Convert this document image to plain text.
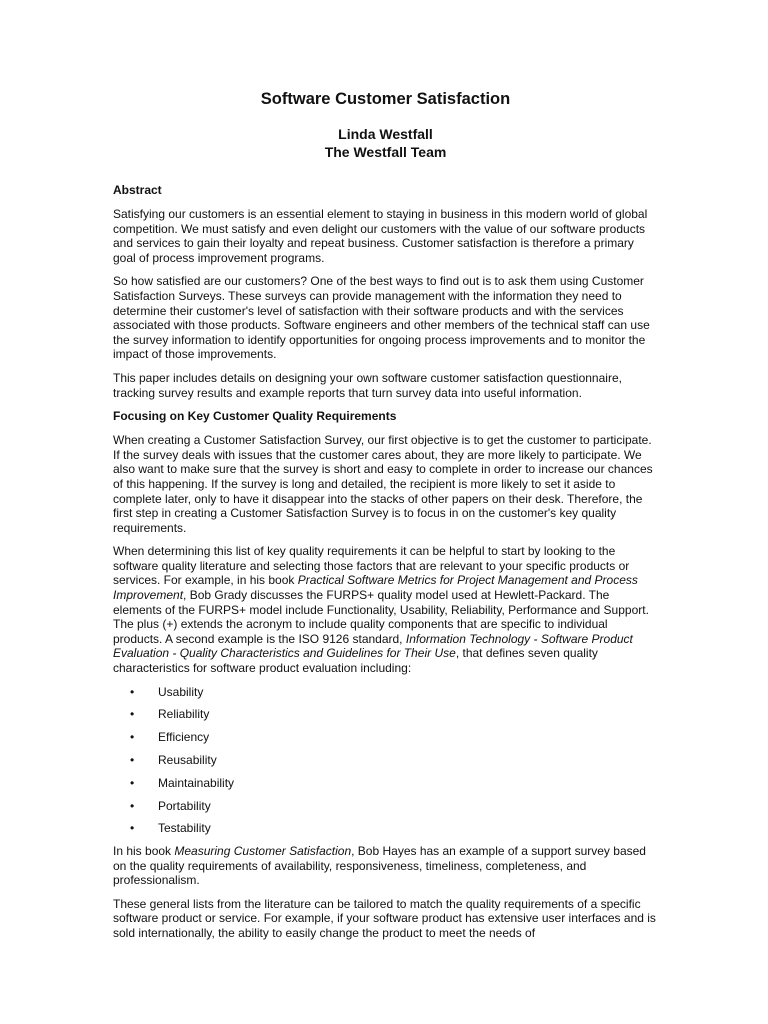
Software Customer Satisfaction
Linda Westfall
The Westfall Team
Abstract

Satisfying our customers is an essential element to staying in business in this modern world of global competition. We must satisfy and even delight our customers with the value of our software products and services to gain their loyalty and repeat business. Customer satisfaction is therefore a primary goal of process improvement programs.

So how satisfied are our customers? One of the best ways to find out is to ask them using Customer Satisfaction Surveys. These surveys can provide management with the information they need to determine their customer's level of satisfaction with their software products and with the services associated with those products. Software engineers and other members of the technical staff can use the survey information to identify opportunities for ongoing process improvements and to monitor the impact of those improvements.

This paper includes details on designing your own software customer satisfaction questionnaire, tracking survey results and example reports that turn survey data into useful information.

Focusing on Key Customer Quality Requirements

When creating a Customer Satisfaction Survey, our first objective is to get the customer to participate. If the survey deals with issues that the customer cares about, they are more likely to participate. We also want to make sure that the survey is short and easy to complete in order to increase our chances of this happening. If the survey is long and detailed, the recipient is more likely to set it aside to complete later, only to have it disappear into the stacks of other papers on their desk. Therefore, the first step in creating a Customer Satisfaction Survey is to focus in on the customer's key quality requirements.

When determining this list of key quality requirements it can be helpful to start by looking to the software quality literature and selecting those factors that are relevant to your specific products or services. For example, in his book Practical Software Metrics for Project Management and Process Improvement, Bob Grady discusses the FURPS+ quality model used at Hewlett-Packard. The elements of the FURPS+ model include Functionality, Usability, Reliability, Performance and Support. The plus (+) extends the acronym to include quality components that are specific to individual products. A second example is the ISO 9126 standard, Information Technology - Software Product Evaluation - Quality Characteristics and Guidelines for Their Use, that defines seven quality characteristics for software product evaluation including:

• Usability
• Reliability
• Efficiency
• Reusability
• Maintainability
• Portability
• Testability

In his book Measuring Customer Satisfaction, Bob Hayes has an example of a support survey based on the quality requirements of availability, responsiveness, timeliness, completeness, and professionalism.

These general lists from the literature can be tailored to match the quality requirements of a specific software product or service. For example, if your software product has extensive user interfaces and is sold internationally, the ability to easily change the product to meet the needs of
